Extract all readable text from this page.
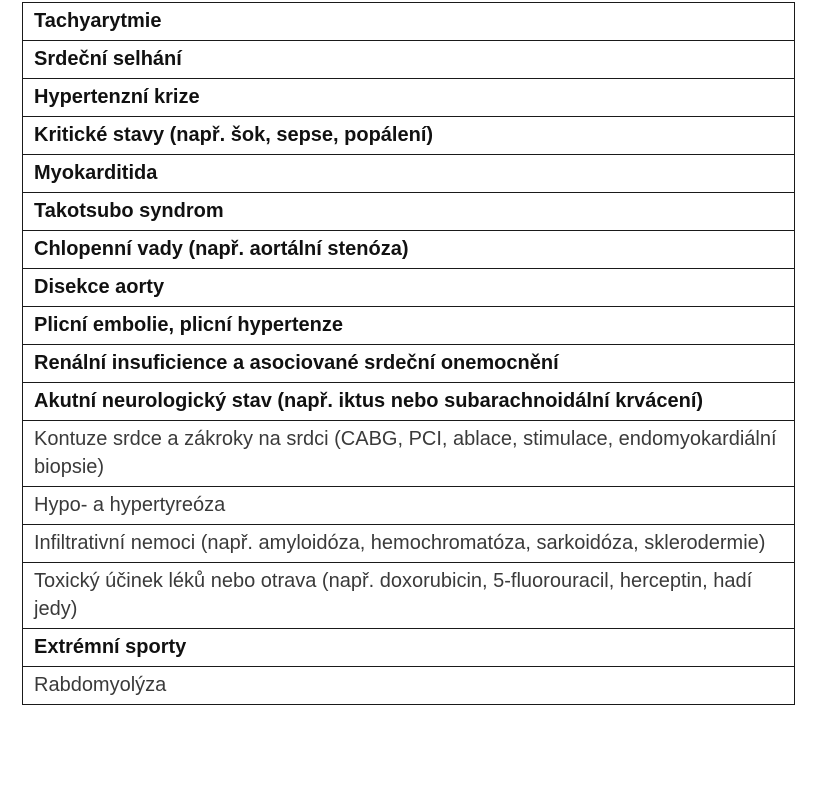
Tachyarytmie
Srdeční selhání
Hypertenzní krize
Kritické stavy (např. šok, sepse, popálení)
Myokarditida
Takotsubo syndrom
Chlopenní vady (např. aortální stenóza)
Disekce aorty
Plicní embolie, plicní hypertenze
Renální insuficience a asociované srdeční onemocnění
Akutní neurologický stav (např. iktus nebo subarachnoidální krvácení)
Kontuze srdce a zákroky na srdci (CABG, PCI, ablace, stimulace, endomyokardiální biopsie)
Hypo- a hypertyreóza
Infiltrativní nemoci (např. amyloidóza, hemochromatóza, sarkoidóza, sklerodermie)
Toxický účinek léků nebo otrava (např. doxorubicin, 5-fluorouracil, herceptin, hadí jedy)
Extrémní sporty
Rabdomyolýza
